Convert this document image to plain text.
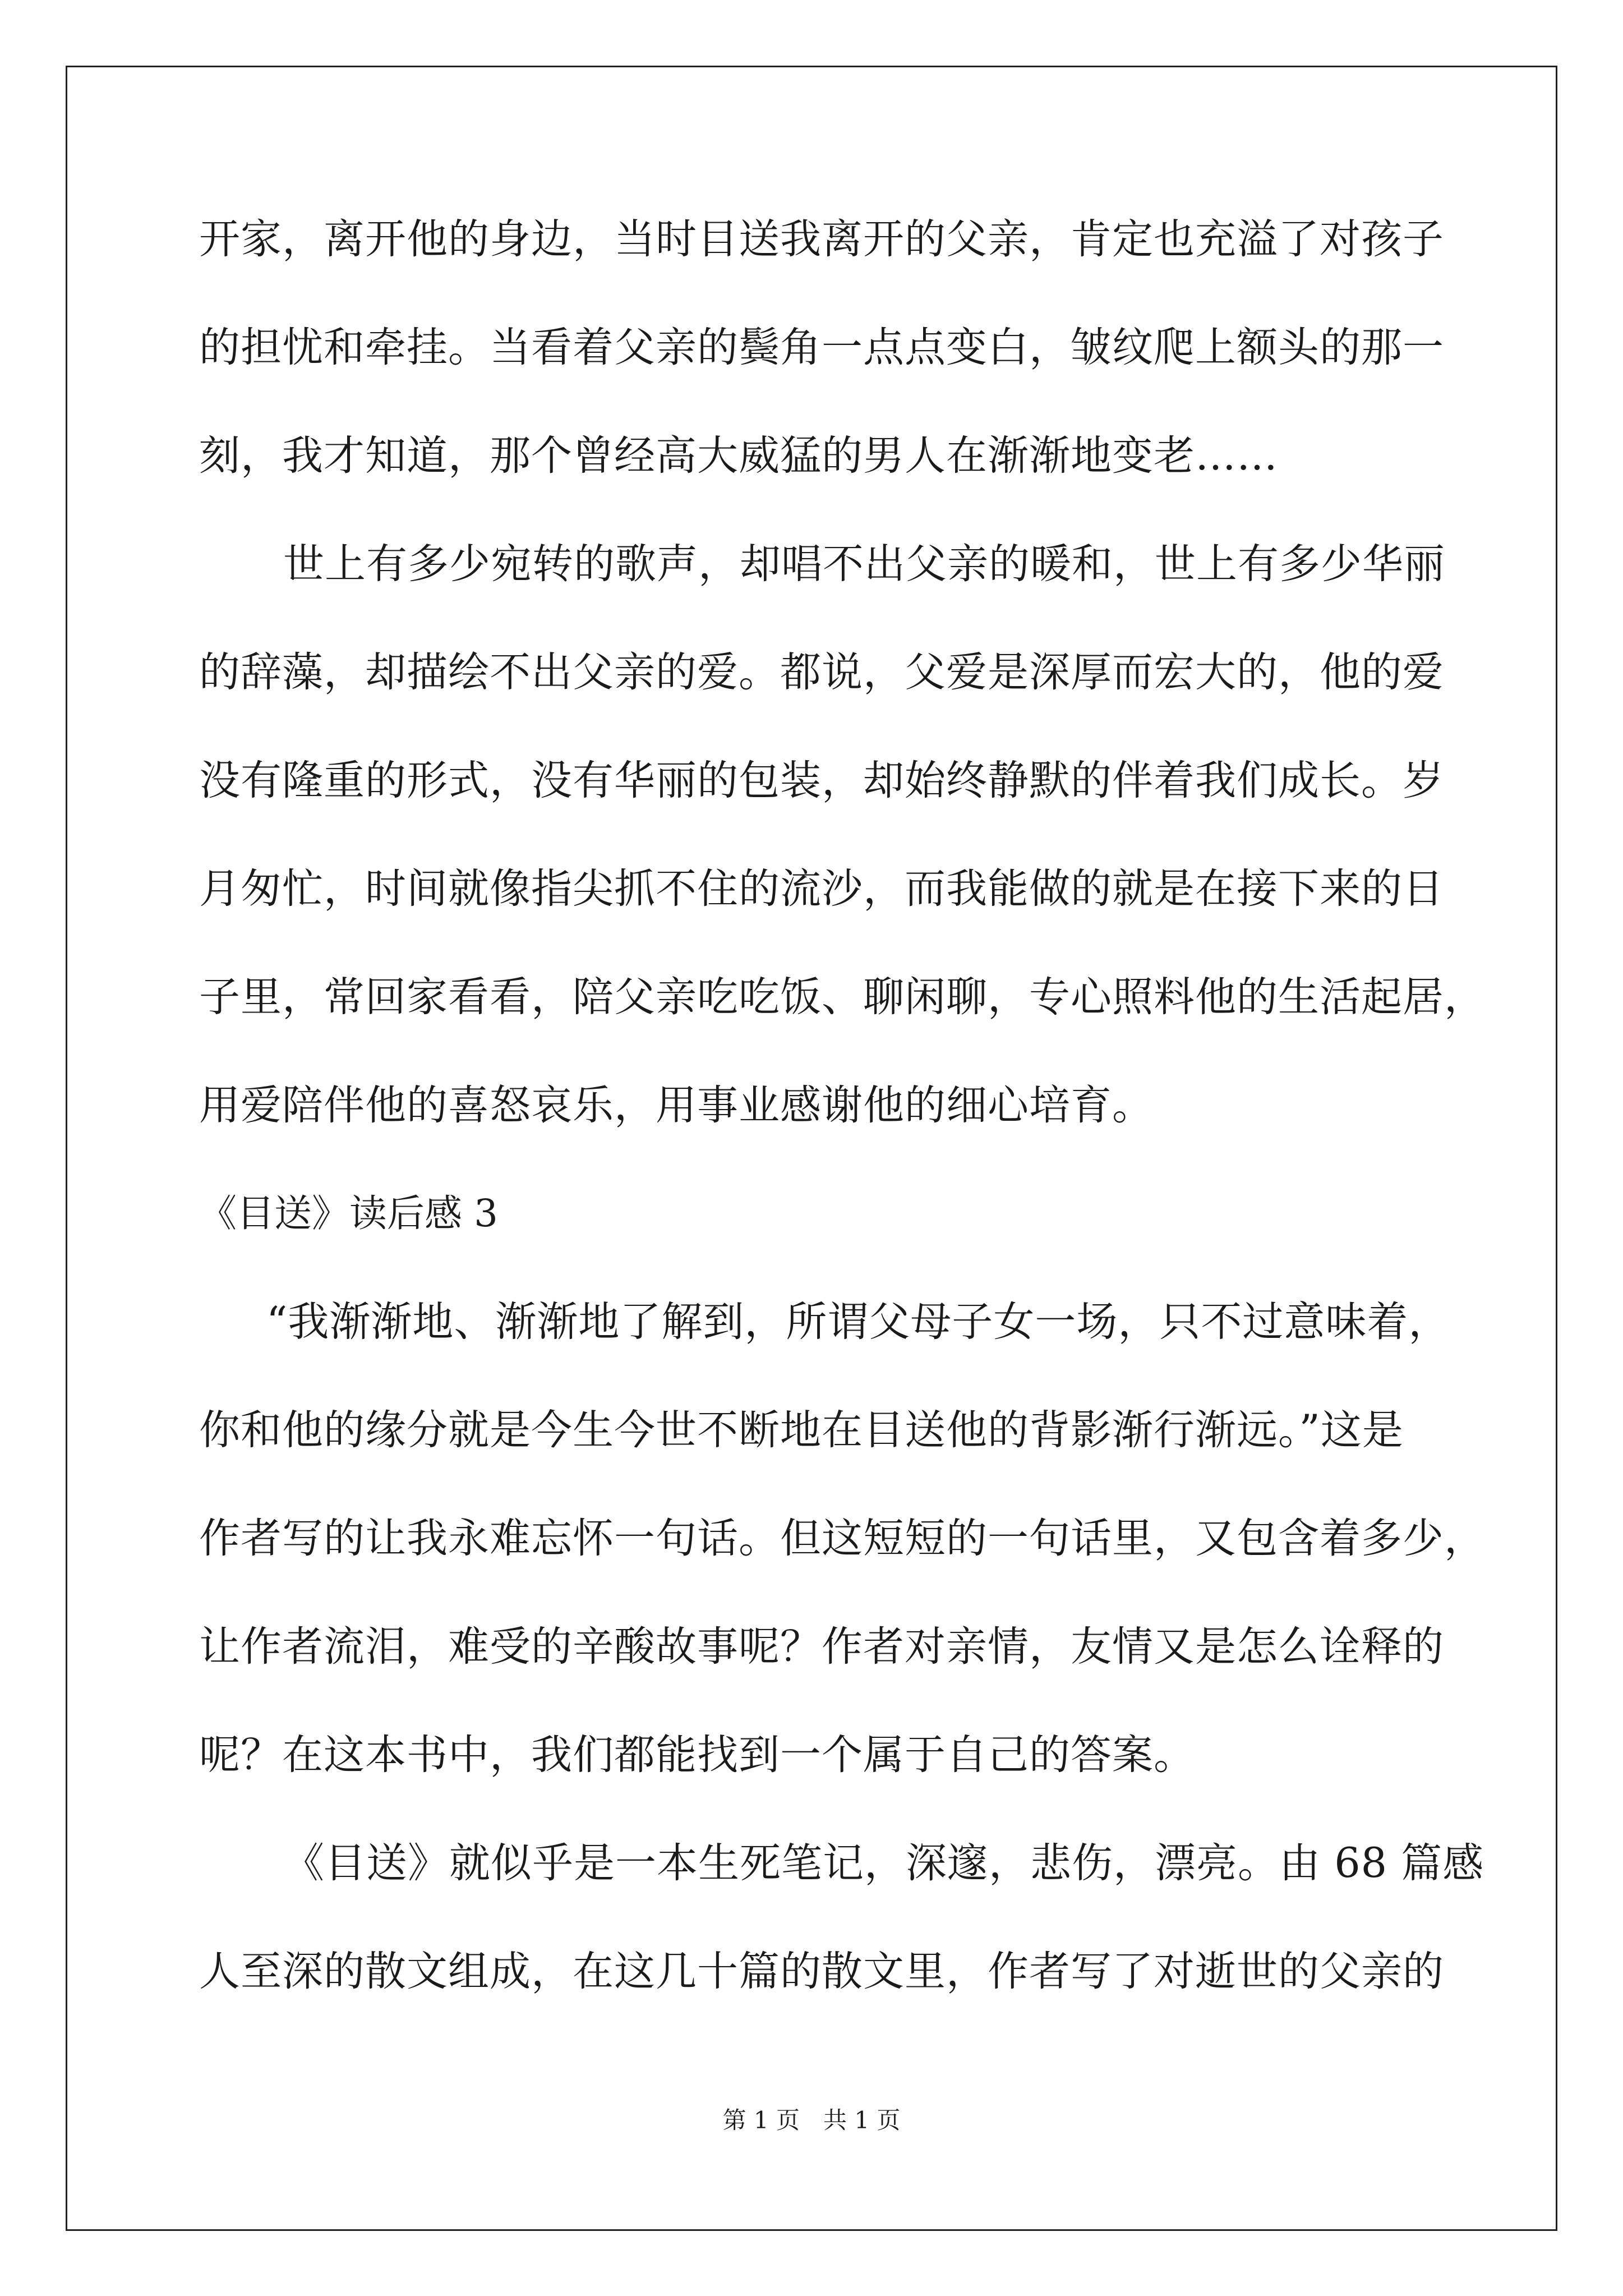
开家，离开他的身边，当时目送我离开的父亲，肯定也充溢了对孩子
的担忧和牵挂。当看着父亲的鬓角一点点变白，皱纹爬上额头的那一
刻，我才知道，那个曾经高大威猛的男人在渐渐地变老……
世上有多少宛转的歌声，却唱不出父亲的暖和，世上有多少华丽
的辞藻，却描绘不出父亲的爱。都说，父爱是深厚而宏大的，他的爱
没有隆重的形式，没有华丽的包装，却始终静默的伴着我们成长。岁
月匆忙，时间就像指尖抓不住的流沙，而我能做的就是在接下来的日
子里，常回家看看，陪父亲吃吃饭、聊闲聊，专心照料他的生活起居，
用爱陪伴他的喜怒哀乐，用事业感谢他的细心培育。
《目送》读后感 3
“我渐渐地、渐渐地了解到，所谓父母子女一场，只不过意味着，
你和他的缘分就是今生今世不断地在目送他的背影渐行渐远。”这是
作者写的让我永难忘怀一句话。但这短短的一句话里，又包含着多少，
让作者流泪，难受的辛酸故事呢？作者对亲情，友情又是怎么诠释的
呢？在这本书中，我们都能找到一个属于自己的答案。
《目送》就似乎是一本生死笔记，深邃，悲伤，漂亮。由 68 篇感
人至深的散文组成，在这几十篇的散文里，作者写了对逝世的父亲的
第 1 页 共 1 页
